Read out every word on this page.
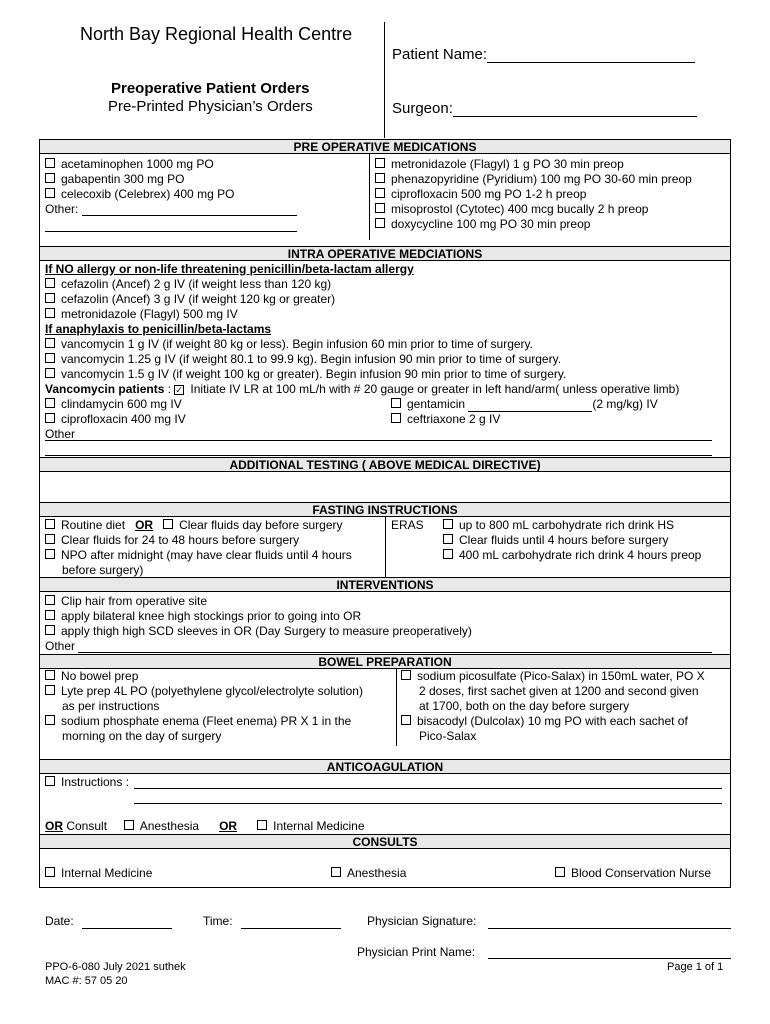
North Bay Regional Health Centre
Preoperative Patient Orders
Pre-Printed Physician’s Orders
Patient Name:
Surgeon:
PRE OPERATIVE MEDICATIONS
acetaminophen 1000 mg PO
gabapentin 300 mg PO
celecoxib (Celebrex) 400 mg PO
Other:
metronidazole (Flagyl) 1 g PO 30 min preop
phenazopyridine (Pyridium) 100 mg PO 30-60 min preop
ciprofloxacin 500 mg PO 1-2 h preop
misoprostol (Cytotec) 400 mcg bucally 2 h preop
doxycycline 100 mg PO 30 min preop
INTRA OPERATIVE MEDCIATIONS
If NO allergy or non-life threatening penicillin/beta-lactam allergy
cefazolin (Ancef) 2 g IV (if weight less than 120 kg)
cefazolin (Ancef) 3 g IV (if weight 120 kg or greater)
metronidazole (Flagyl) 500 mg IV
If anaphylaxis to penicillin/beta-lactams
vancomycin 1 g IV (if weight 80 kg or less). Begin infusion 60 min prior to time of surgery.
vancomycin 1.25 g IV (if weight 80.1 to 99.9 kg). Begin infusion 90 min prior to time of surgery.
vancomycin 1.5 g IV (if weight 100 kg or greater). Begin infusion 90 min prior to time of surgery.
Vancomycin patients : ✓ Initiate IV LR at 100 mL/h with # 20 gauge or greater in left hand/arm( unless operative limb)
clindamycin 600 mg IV
ciprofloxacin 400 mg IV
gentamicin	(2 mg/kg) IV
ceftriaxone 2 g IV
Other
ADDITIONAL TESTING ( ABOVE MEDICAL DIRECTIVE)
FASTING INSTRUCTIONS
Routine diet OR Clear fluids day before surgery
Clear fluids for 24 to 48 hours before surgery
NPO after midnight (may have clear fluids until 4 hours
before surgery)
ERAS	up to 800 mL carbohydrate rich drink HS
Clear fluids until 4 hours before surgery
400 mL carbohydrate rich drink 4 hours preop
INTERVENTIONS
Clip hair from operative site
apply bilateral knee high stockings prior to going into OR
apply thigh high SCD sleeves in OR (Day Surgery to measure preoperatively)
Other
BOWEL PREPARATION
No bowel prep
Lyte prep 4L PO (polyethylene glycol/electrolyte solution)
as per instructions
sodium phosphate enema (Fleet enema) PR X 1 in the
morning on the day of surgery
sodium picosulfate (Pico-Salax) in 150mL water, PO X
2 doses, first sachet given at 1200 and second given
at 1700, both on the day before surgery
bisacodyl (Dulcolax) 10 mg PO with each sachet of
Pico-Salax
ANTICOAGULATION
Instructions :
OR Consult	Anesthesia OR	Internal Medicine
CONSULTS
Internal Medicine	Anesthesia	Blood Conservation Nurse
Date:	Time:	Physician Signature:
Physician Print Name:
PPO-6-080 July 2021 suthek
MAC #: 57 05 20
Page 1 of 1
